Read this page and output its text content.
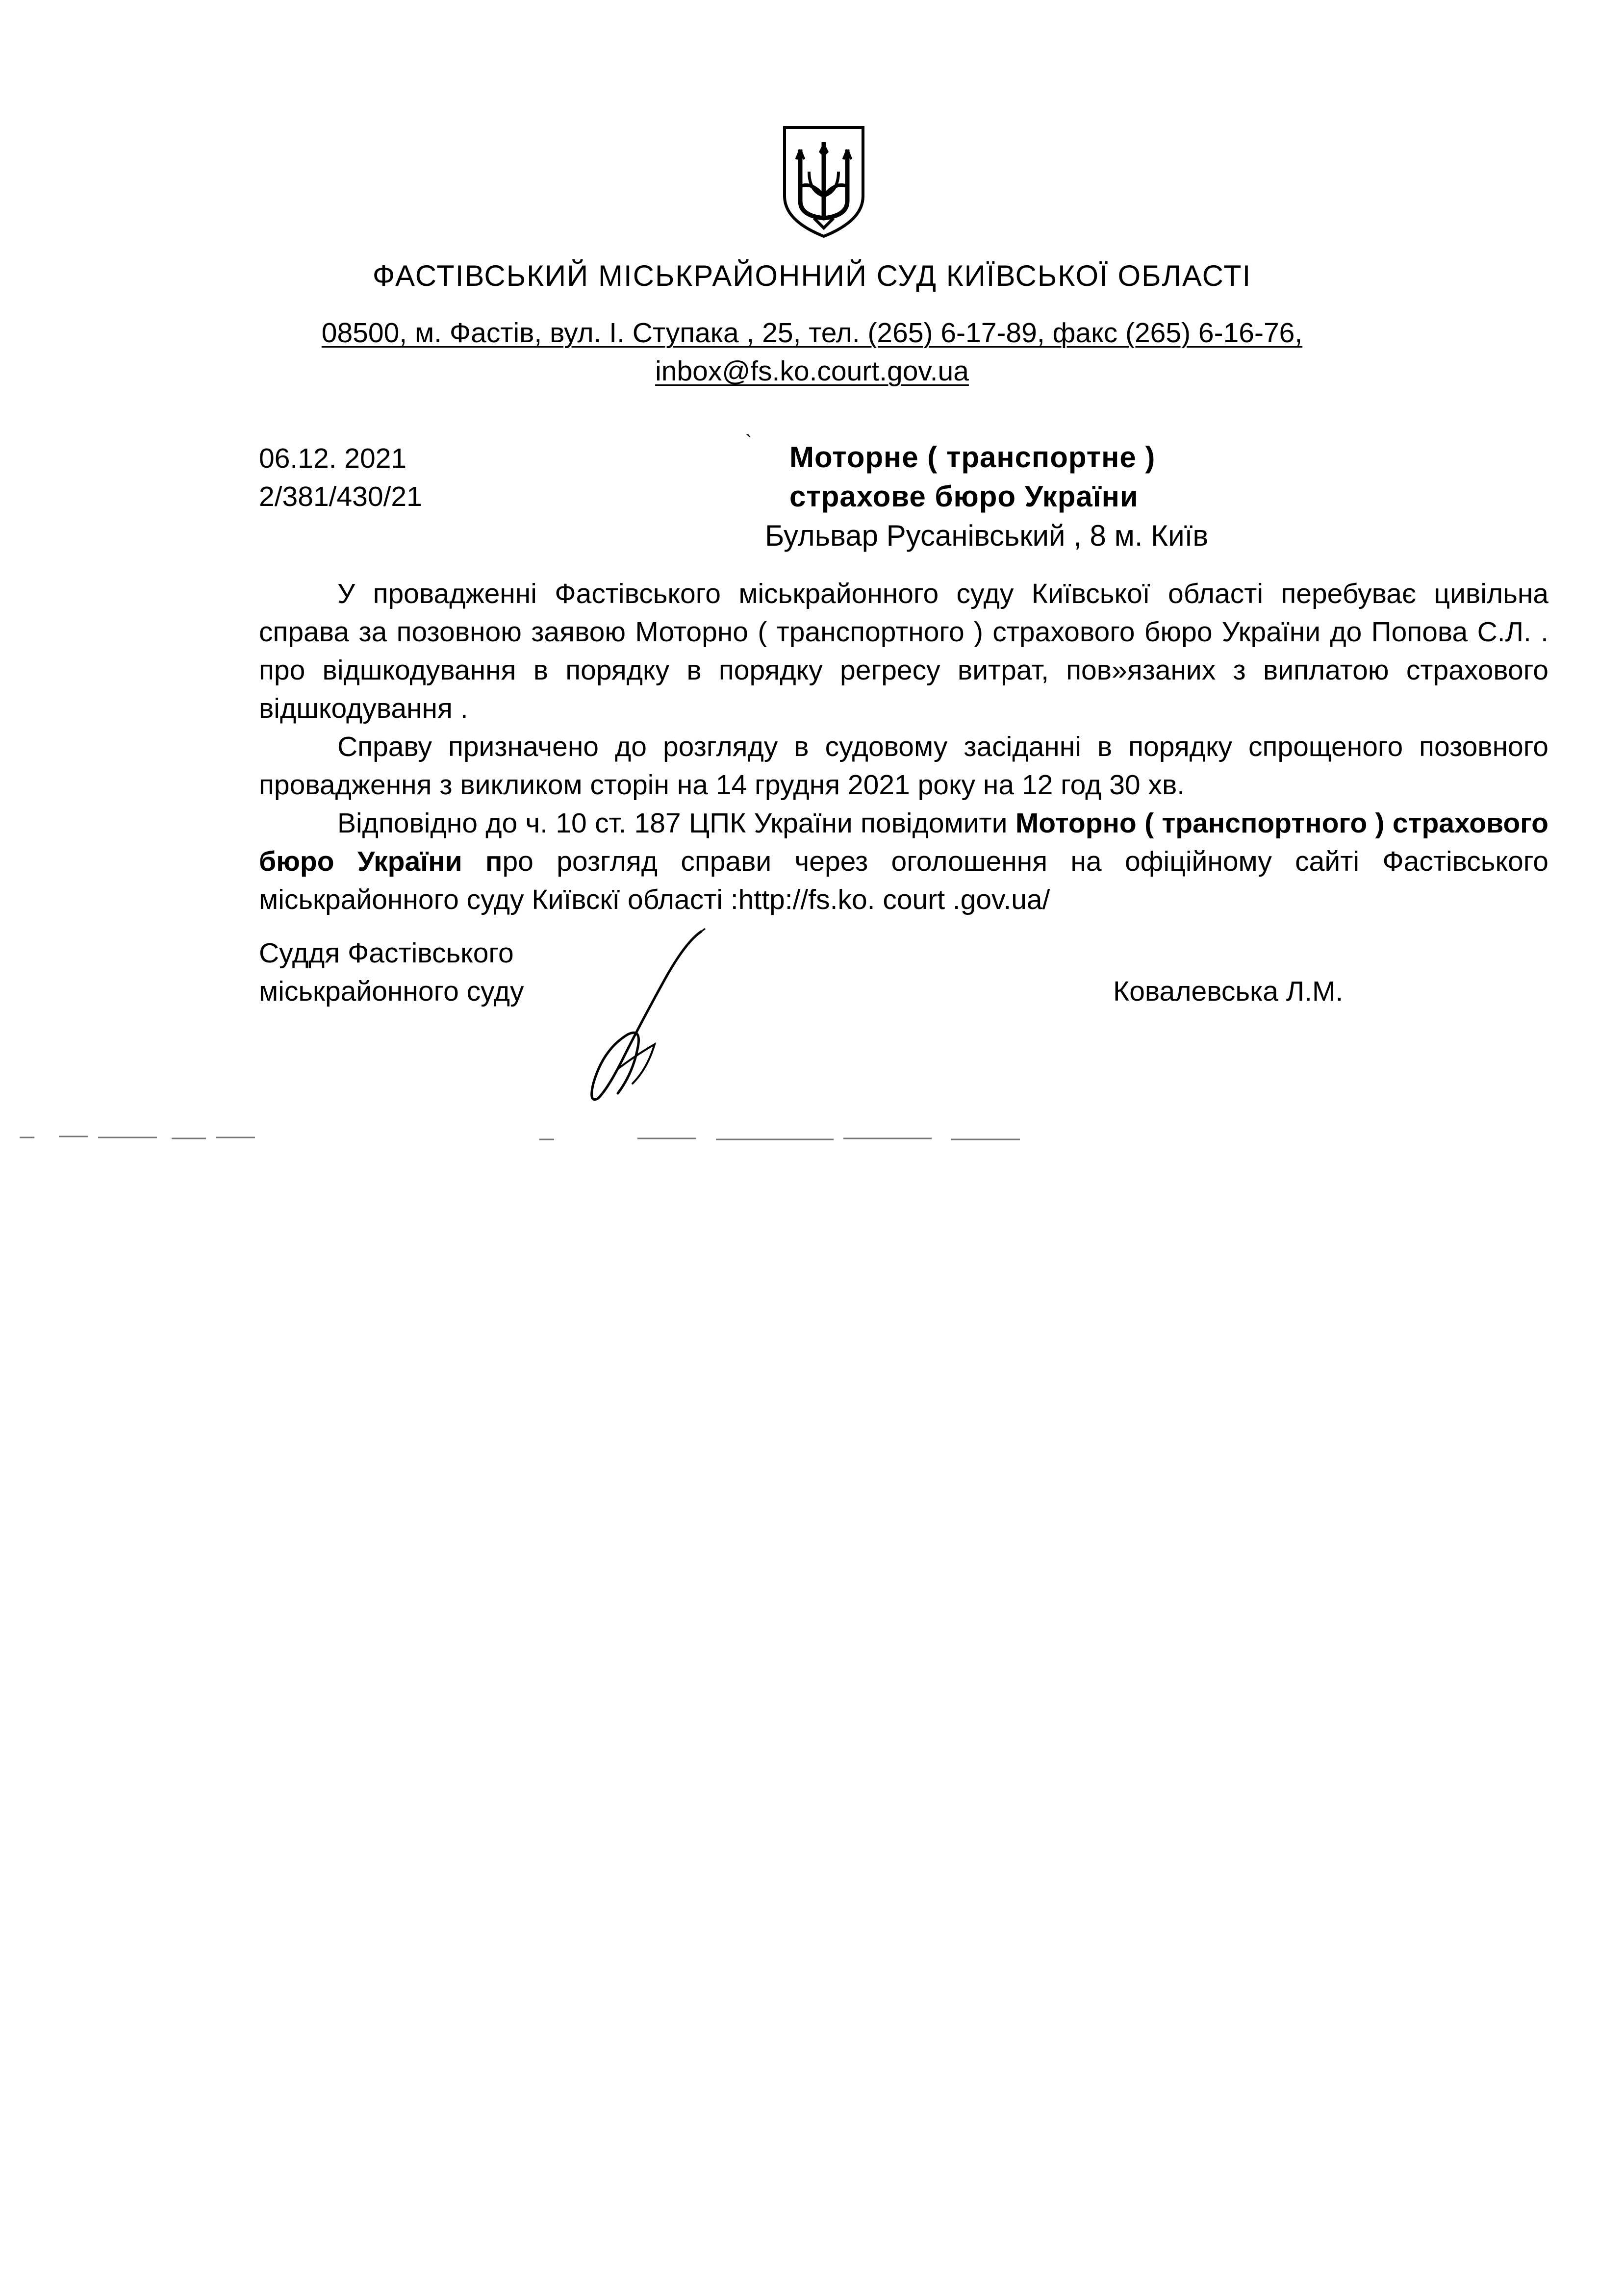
ФАСТІВСЬКИЙ МІСЬКРАЙОННИЙ СУД КИЇВСЬКОЇ ОБЛАСТІ
08500, м. Фастів, вул. І. Ступака , 25, тел. (265) 6-17-89, факс (265) 6-16-76,
inbox@fs.ko.court.gov.ua
06.12. 2021
2/381/430/21
`	Моторне ( транспортне )
страхове бюро України
Бульвар Русанівський , 8 м. Київ

У провадженні Фастівського міськрайонного суду Київської області перебуває цивільна справа за позовною заявою Моторно ( транспортного ) страхового бюро України до Попова С.Л. . про відшкодування в порядку в порядку регресу витрат, пов»язаних з виплатою страхового відшкодування .

Справу призначено до розгляду в судовому засіданні в порядку спрощеного позовного провадження з викликом сторін на 14 грудня 2021 року на 12 год 30 хв.

Відповідно до ч. 10 ст. 187 ЦПК України повідомити Моторно ( транспортного ) страхового бюро України про розгляд справи через оголошення на офіційному сайті Фастівського міськрайонного суду Київскї області :http://fs.ko. court .gov.ua/

Суддя Фастівського
міськрайонного суду	Ковалевська Л.М.
